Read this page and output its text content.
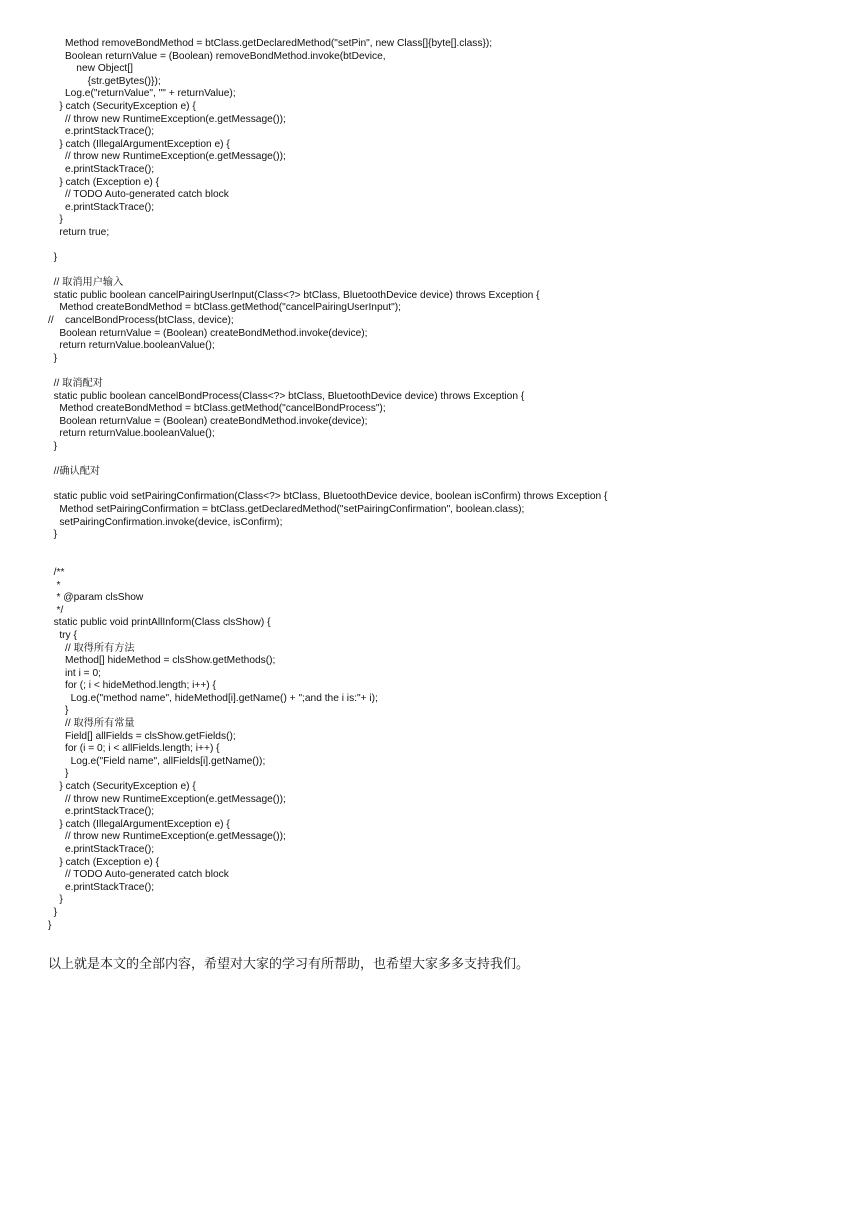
Method removeBondMethod = btClass.getDeclaredMethod("setPin", new Class[]{byte[].class});
Boolean returnValue = (Boolean) removeBondMethod.invoke(btDevice,
new Object[]
{str.getBytes()});
Log.e("returnValue", "" + returnValue);
} catch (SecurityException e) {
// throw new RuntimeException(e.getMessage());
e.printStackTrace();
} catch (IllegalArgumentException e) {
// throw new RuntimeException(e.getMessage());
e.printStackTrace();
} catch (Exception e) {
// TODO Auto-generated catch block
e.printStackTrace();
}
return true;
}
// 取消用户输入
static public boolean cancelPairingUserInput(Class<?> btClass, BluetoothDevice device) throws Exception {
Method createBondMethod = btClass.getMethod("cancelPairingUserInput");
//    cancelBondProcess(btClass, device);
Boolean returnValue = (Boolean) createBondMethod.invoke(device);
return returnValue.booleanValue();
}
// 取消配对
static public boolean cancelBondProcess(Class<?> btClass, BluetoothDevice device) throws Exception {
Method createBondMethod = btClass.getMethod("cancelBondProcess");
Boolean returnValue = (Boolean) createBondMethod.invoke(device);
return returnValue.booleanValue();
}
//确认配对
static public void setPairingConfirmation(Class<?> btClass, BluetoothDevice device, boolean isConfirm) throws Exception {
Method setPairingConfirmation = btClass.getDeclaredMethod("setPairingConfirmation", boolean.class);
setPairingConfirmation.invoke(device, isConfirm);
}
/**
*
* @param clsShow
*/
static public void printAllInform(Class clsShow) {
try {
// 取得所有方法
Method[] hideMethod = clsShow.getMethods();
int i = 0;
for (; i < hideMethod.length; i++) {
Log.e("method name", hideMethod[i].getName() + ";and the i is:"+ i);
}
// 取得所有常量
Field[] allFields = clsShow.getFields();
for (i = 0; i < allFields.length; i++) {
Log.e("Field name", allFields[i].getName());
}
} catch (SecurityException e) {
// throw new RuntimeException(e.getMessage());
e.printStackTrace();
} catch (IllegalArgumentException e) {
// throw new RuntimeException(e.getMessage());
e.printStackTrace();
} catch (Exception e) {
// TODO Auto-generated catch block
e.printStackTrace();
}
}
}
以上就是本文的全部内容，希望对大家的学习有所帮助，也希望大家多多支持我们。
